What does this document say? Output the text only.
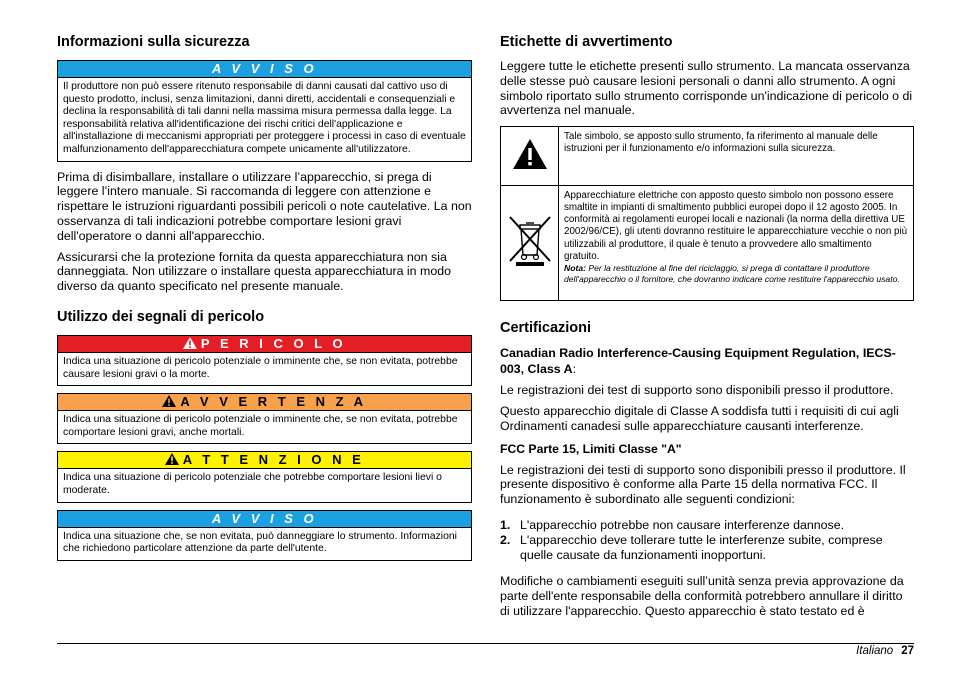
Informazioni sulla sicurezza
A V V I S O
Il produttore non può essere ritenuto responsabile di danni causati dal cattivo uso di questo prodotto, inclusi, senza limitazioni, danni diretti, accidentali e consequenziali e declina la responsabilità di tali danni nella massima misura permessa dalla legge. La responsabilità relativa all'identificazione dei rischi critici dell'applicazione e all'installazione di meccanismi appropriati per proteggere i processi in caso di eventuale malfunzionamento dell'apparecchiatura compete unicamente all'utilizzatore.

Prima di disimballare, installare o utilizzare l’apparecchio, si prega di leggere l’intero manuale. Si raccomanda di leggere con attenzione e rispettare le istruzioni riguardanti possibili pericoli o note cautelative. La non osservanza di tali indicazioni potrebbe comportare lesioni gravi dell'operatore o danni all'apparecchio.

Assicurarsi che la protezione fornita da questa apparecchiatura non sia danneggiata. Non utilizzare o installare questa apparecchiatura in modo diverso da quanto specificato nel presente manuale.

Utilizzo dei segnali di pericolo
P E R I C O L O
Indica una situazione di pericolo potenziale o imminente che, se non evitata, potrebbe causare lesioni gravi o la morte.
A V V E R T E N Z A
Indica una situazione di pericolo potenziale o imminente che, se non evitata, potrebbe comportare lesioni gravi, anche mortali.
A T T E N Z I O N E
Indica una situazione di pericolo potenziale che potrebbe comportare lesioni lievi o moderate.
A V V I S O
Indica una situazione che, se non evitata, può danneggiare lo strumento. Informazioni che richiedono particolare attenzione da parte dell'utente.
Etichette di avvertimento

Leggere tutte le etichette presenti sullo strumento. La mancata osservanza delle stesse può causare lesioni personali o danni allo strumento. A ogni simbolo riportato sullo strumento corrisponde un'indicazione di pericolo o di avvertenza nel manuale.

	Tale simbolo, se apposto sullo strumento, fa riferimento al manuale delle istruzioni per il funzionamento e/o informazioni sulla sicurezza.
	Apparecchiature elettriche con apposto questo simbolo non possono essere smaltite in impianti di smaltimento pubblici europei dopo il 12 agosto 2005. In conformità ai regolamenti europei locali e nazionali (la norma della direttiva UE 2002/96/CE), gli utenti dovranno restituire le apparecchiature vecchie o non più utilizzabili al produttore, il quale è tenuto a provvedere allo smaltimento gratuito.
Nota: Per la restituzione al fine del riciclaggio, si prega di contattare il produttore dell'apparecchio o il fornitore, che dovranno indicare come restituire l'apparecchio usato.
Certificazioni

Canadian Radio Interference-Causing Equipment Regulation, IECS-003, Class A:

Le registrazioni dei test di supporto sono disponibili presso il produttore.

Questo apparecchio digitale di Classe A soddisfa tutti i requisiti di cui agli Ordinamenti canadesi sulle apparecchiature causanti interferenze.

FCC Parte 15, Limiti Classe "A"

Le registrazioni dei testi di supporto sono disponibili presso il produttore. Il presente dispositivo è conforme alla Parte 15 della normativa FCC. Il funzionamento è subordinato alle seguenti condizioni:

1. L'apparecchio potrebbe non causare interferenze dannose.
2. L'apparecchio deve tollerare tutte le interferenze subite, comprese quelle causate da funzionamenti inopportuni.

Modifiche o cambiamenti eseguiti sull’unità senza previa approvazione da parte dell'ente responsabile della conformità potrebbero annullare il diritto di utilizzare l'apparecchio. Questo apparecchio è stato testato ed è

Italiano 27
